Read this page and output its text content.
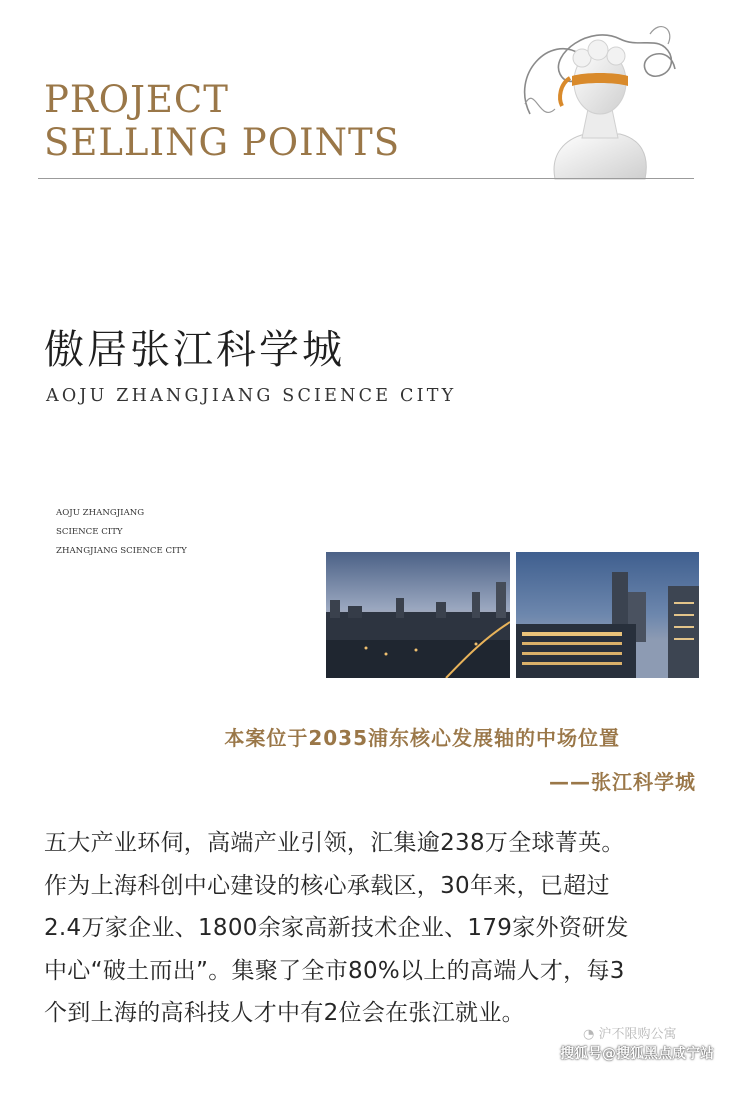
PROJECT
SELLING POINTS
傲居张江科学城
AOJU ZHANGJIANG SCIENCE CITY
AOJU ZHANGJIANG
SCIENCE CITY
ZHANGJIANG SCIENCE CITY
本案位于2035浦东核心发展轴的中场位置
——张江科学城

五大产业环伺，高端产业引领，汇集逾238万全球菁英。
作为上海科创中心建设的核心承载区，30年来，已超过
2.4万家企业、1800余家高新技术企业、179家外资研发
中心“破土而出”。集聚了全市80%以上的高端人才，每3
个到上海的高科技人才中有2位会在张江就业。

◔ 沪不限购公寓
搜狐号@搜狐黑点咸宁站
